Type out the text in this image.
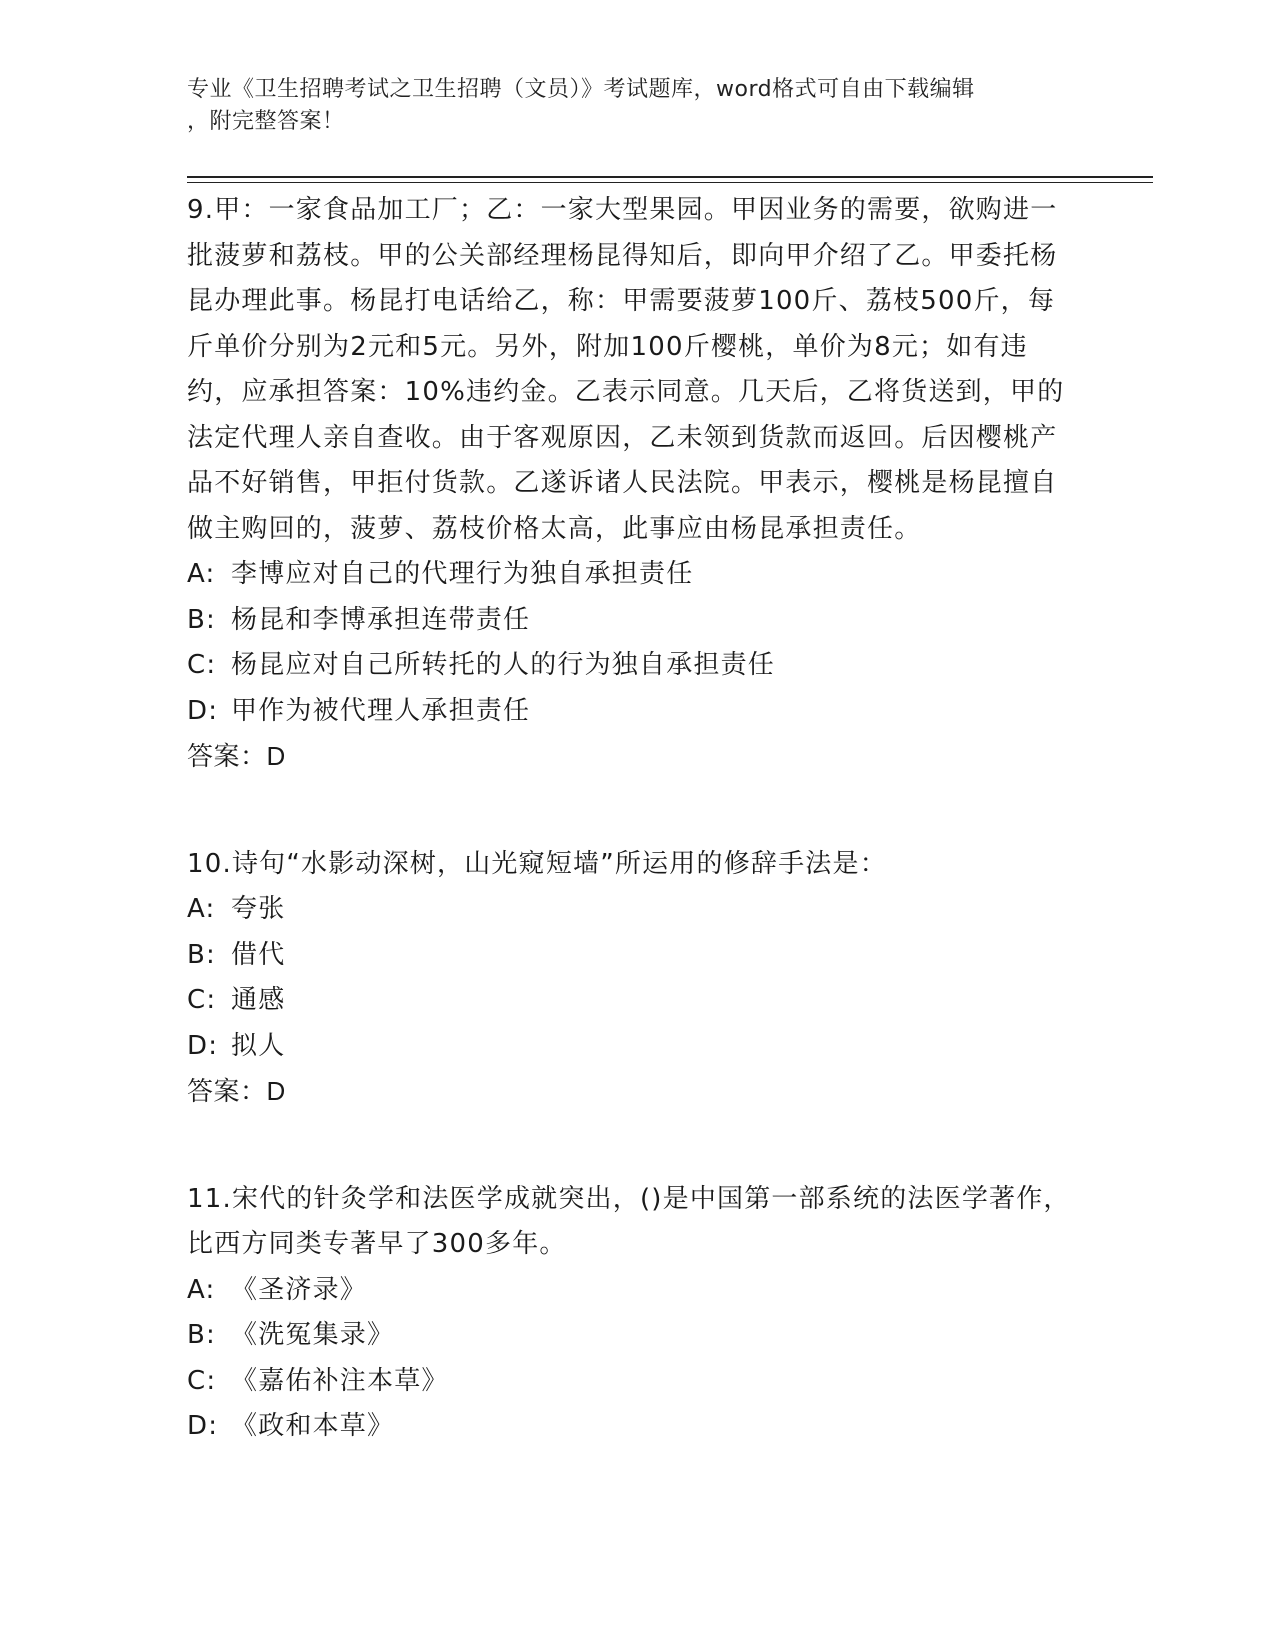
专业《卫生招聘考试之卫生招聘（文员）》考试题库，word格式可自由下载编辑
，附完整答案！

9.甲：一家食品加工厂；乙：一家大型果园。甲因业务的需要，欲购进一批菠萝和荔枝。甲的公关部经理杨昆得知后，即向甲介绍了乙。甲委托杨昆办理此事。杨昆打电话给乙，称：甲需要菠萝100斤、荔枝500斤，每斤单价分别为2元和5元。另外，附加100斤樱桃，单价为8元；如有违约，应承担答案：10%违约金。乙表示同意。几天后，乙将货送到，甲的法定代理人亲自查收。由于客观原因，乙未领到货款而返回。后因樱桃产品不好销售，甲拒付货款。乙遂诉诸人民法院。甲表示，樱桃是杨昆擅自做主购回的，菠萝、荔枝价格太高，此事应由杨昆承担责任。

A: 李博应对自己的代理行为独自承担责任

B: 杨昆和李博承担连带责任

C: 杨昆应对自己所转托的人的行为独自承担责任

D: 甲作为被代理人承担责任

答案：D

10.诗句“水影动深树，山光窥短墙”所运用的修辞手法是：

A: 夸张

B: 借代

C: 通感

D: 拟人

答案：D

11.宋代的针灸学和法医学成就突出，()是中国第一部系统的法医学著作，比西方同类专著早了300多年。

A: 《圣济录》

B: 《洗冤集录》

C: 《嘉佑补注本草》

D: 《政和本草》
